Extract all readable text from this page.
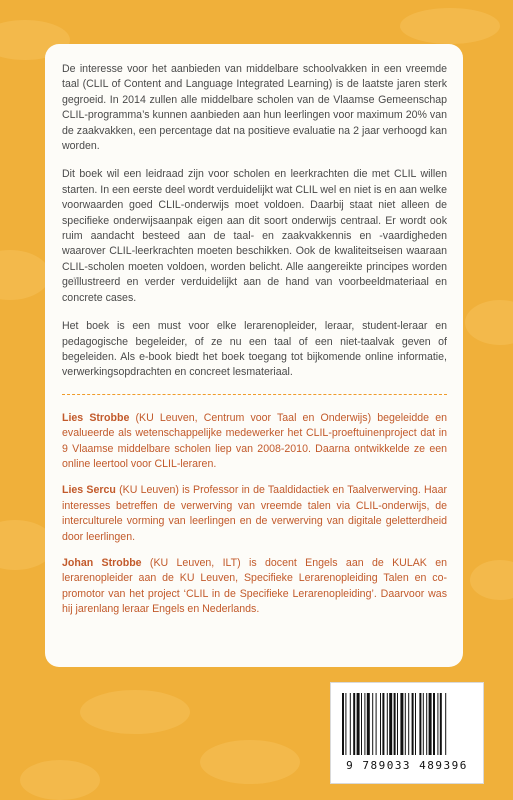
De interesse voor het aanbieden van middelbare schoolvakken in een vreemde taal (CLIL of Content and Language Integrated Learning) is de laatste jaren sterk gegroeid. In 2014 zullen alle middelbare scholen van de Vlaamse Gemeenschap CLIL-programma’s kunnen aanbieden aan hun leerlingen voor maximum 20% van de zaakvakken, een percentage dat na positieve evaluatie na 2 jaar verhoogd kan worden.

Dit boek wil een leidraad zijn voor scholen en leerkrachten die met CLIL willen starten. In een eerste deel wordt verduidelijkt wat CLIL wel en niet is en aan welke voorwaarden goed CLIL-onderwijs moet voldoen. Daarbij staat niet alleen de specifieke onderwijsaanpak eigen aan dit soort onderwijs centraal. Er wordt ook ruim aandacht besteed aan de taal- en zaakvakkennis en -vaardigheden waarover CLIL-leerkrachten moeten beschikken. Ook de kwaliteitseisen waaraan CLIL-scholen moeten voldoen, worden belicht. Alle aangereikte principes worden geïllustreerd en verder verduidelijkt aan de hand van voorbeeldmateriaal en concrete cases.

Het boek is een must voor elke lerarenopleider, leraar, student-leraar en pedagogische begeleider, of ze nu een taal of een niet-taalvak geven of begeleiden. Als e-book biedt het boek toegang tot bijkomende online informatie, verwerkingsopdrachten en concreet lesmateriaal.

Lies Strobbe (KU Leuven, Centrum voor Taal en Onderwijs) begeleidde en evalueerde als wetenschappelijke medewerker het CLIL-proeftuinenproject dat in 9 Vlaamse middelbare scholen liep van 2008-2010. Daarna ontwikkelde ze een online leertool voor CLIL-leraren.

Lies Sercu (KU Leuven) is Professor in de Taaldidactiek en Taalverwerving. Haar interesses betreffen de verwerving van vreemde talen via CLIL-onderwijs, de interculturele vorming van leerlingen en de verwerving van digitale geletterdheid door leerlingen.

Johan Strobbe (KU Leuven, ILT) is docent Engels aan de KULAK en lerarenopleider aan de KU Leuven, Specifieke Lerarenopleiding Talen en co-promotor van het project ‘CLIL in de Specifieke Lerarenopleiding’. Daarvoor was hij jarenlang leraar Engels en Nederlands.

9 789033 489396
